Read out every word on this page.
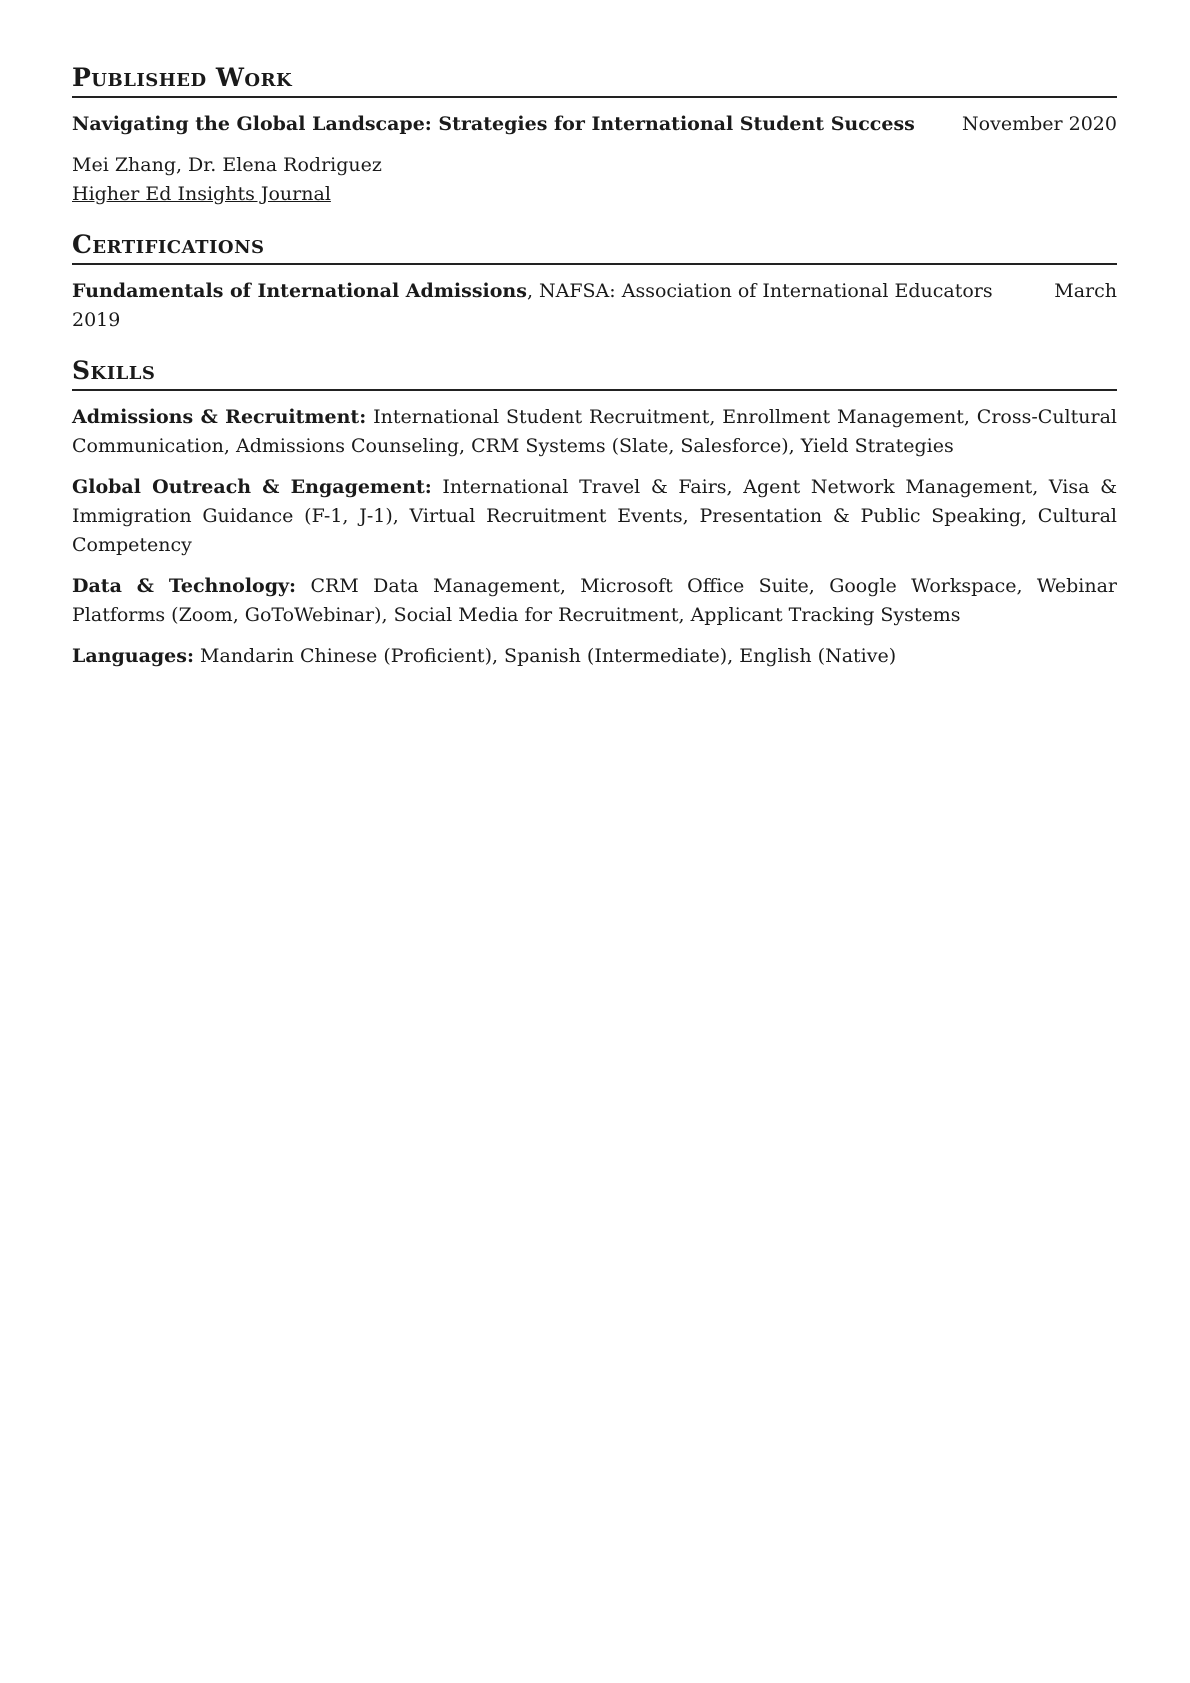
Published Work
Navigating the Global Landscape: Strategies for International Student Success	November 2020
Mei Zhang, Dr. Elena Rodriguez
Higher Ed Insights Journal
Certifications
Fundamentals of International Admissions, NAFSA: Association of International Educators	March
2019
Skills
Admissions & Recruitment: International Student Recruitment, Enrollment Management, Cross-Cultural Communication, Admissions Counseling, CRM Systems (Slate, Salesforce), Yield Strategies
Global Outreach & Engagement: International Travel & Fairs, Agent Network Management, Visa & Immigration Guidance (F-1, J-1), Virtual Recruitment Events, Presentation & Public Speaking, Cultural Competency
Data & Technology: CRM Data Management, Microsoft Office Suite, Google Workspace, Webinar Platforms (Zoom, GoToWebinar), Social Media for Recruitment, Applicant Tracking Systems
Languages: Mandarin Chinese (Proficient), Spanish (Intermediate), English (Native)
